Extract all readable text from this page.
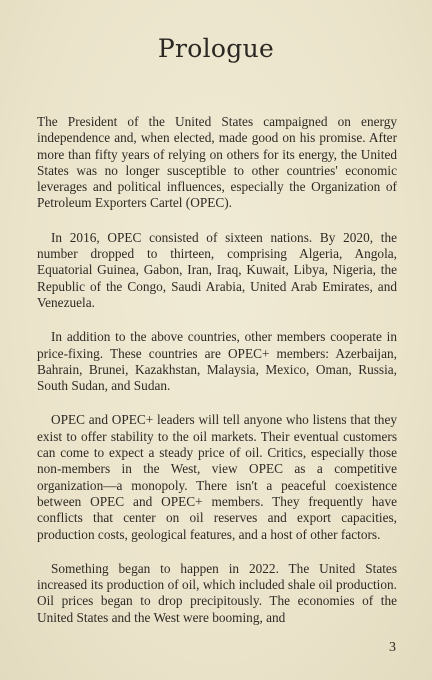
Prologue

The President of the United States campaigned on energy independence and, when elected, made good on his promise. After more than fifty years of relying on others for its energy, the United States was no longer susceptible to other countries' economic leverages and political influences, especially the Organization of Petroleum Exporters Cartel (OPEC).

In 2016, OPEC consisted of sixteen nations. By 2020, the number dropped to thirteen, comprising Algeria, Angola, Equatorial Guinea, Gabon, Iran, Iraq, Kuwait, Libya, Nigeria, the Republic of the Congo, Saudi Arabia, United Arab Emirates, and Venezuela.

In addition to the above countries, other members cooperate in price-fixing. These countries are OPEC+ members: Azerbaijan, Bahrain, Brunei, Kazakhstan, Malaysia, Mexico, Oman, Russia, South Sudan, and Sudan.

OPEC and OPEC+ leaders will tell anyone who listens that they exist to offer stability to the oil markets. Their eventual customers can come to expect a steady price of oil. Critics, especially those non-members in the West, view OPEC as a competitive organization—a monopoly. There isn't a peaceful coexistence between OPEC and OPEC+ members. They frequently have conflicts that center on oil reserves and export capacities, production costs, geological features, and a host of other factors.

Something began to happen in 2022. The United States increased its production of oil, which included shale oil production. Oil prices began to drop precipitously. The economies of the United States and the West were booming, and

3
